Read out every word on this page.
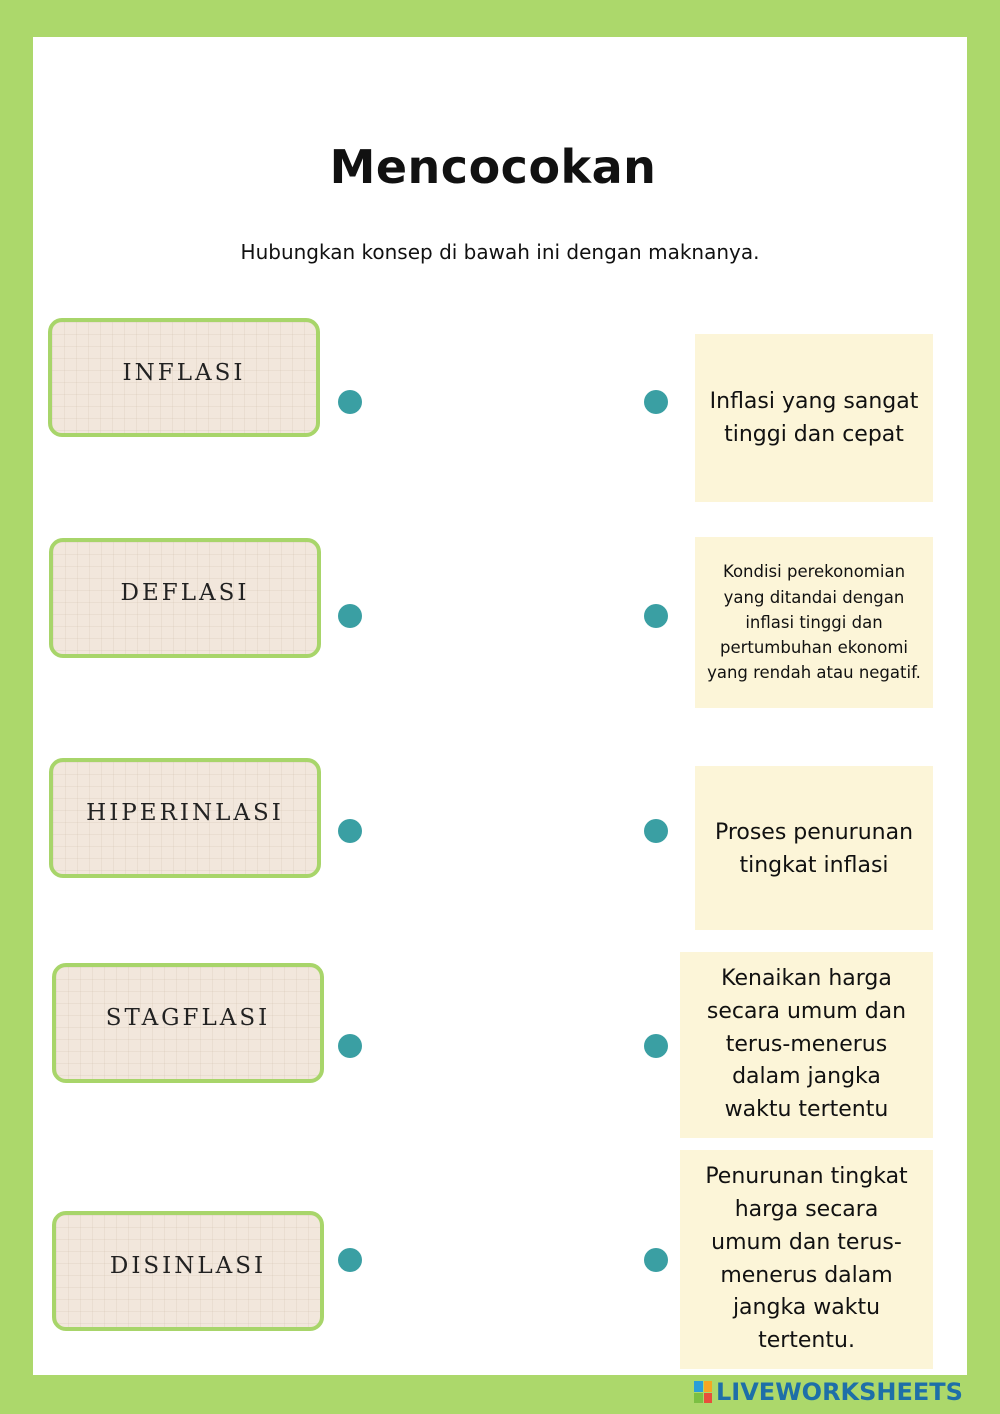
Mencocokan
Hubungkan konsep di bawah ini dengan maknanya.
INFLASI
DEFLASI
HIPERINLASI
STAGFLASI
DISINLASI
Inflasi yang sangat tinggi dan cepat
Kondisi perekonomian yang ditandai dengan inflasi tinggi dan pertumbuhan ekonomi yang rendah atau negatif.
Proses penurunan tingkat inflasi
Kenaikan harga secara umum dan terus-menerus dalam jangka waktu tertentu
Penurunan tingkat harga secara umum dan terus-menerus dalam jangka waktu tertentu.
LIVEWORKSHEETS
